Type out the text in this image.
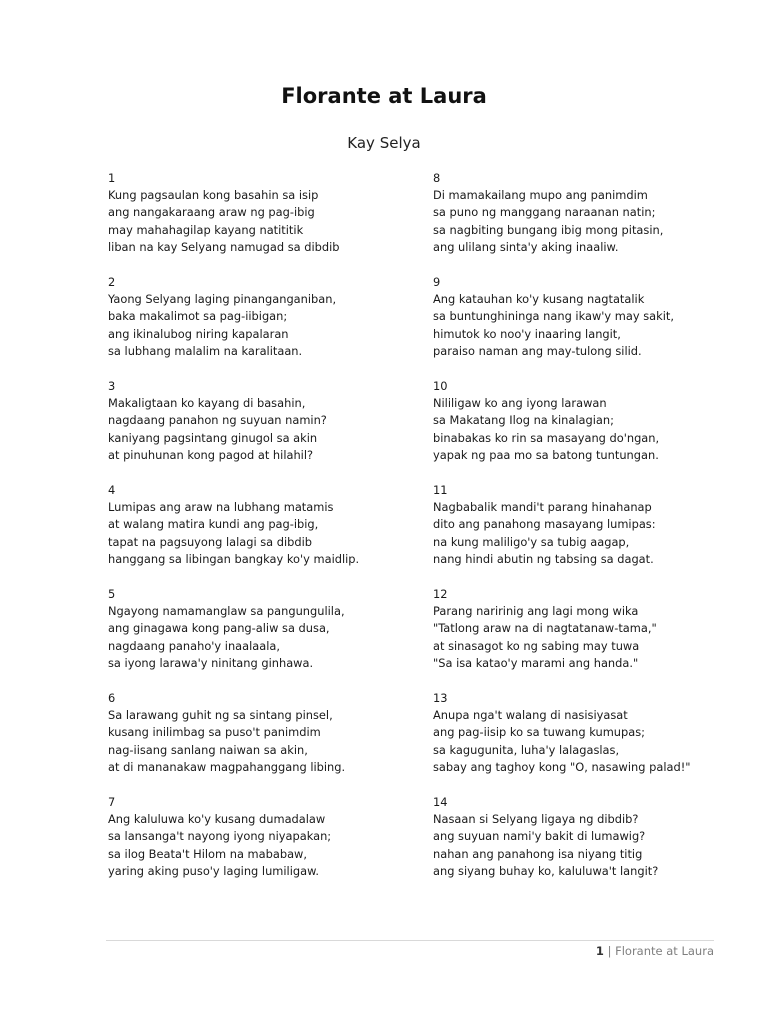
Florante at Laura
Kay Selya
1
Kung pagsaulan kong basahin sa isip
ang nangakaraang araw ng pag-ibig
may mahahagilap kayang natititik
liban na kay Selyang namugad sa dibdib
2
Yaong Selyang laging pinanganganiban,
baka makalimot sa pag-iibigan;
ang ikinalubog niring kapalaran
sa lubhang malalim na karalitaan.
3
Makaligtaan ko kayang di basahin,
nagdaang panahon ng suyuan namin?
kaniyang pagsintang ginugol sa akin
at pinuhunan kong pagod at hilahil?
4
Lumipas ang araw na lubhang matamis
at walang matira kundi ang pag-ibig,
tapat na pagsuyong lalagi sa dibdib
hanggang sa libingan bangkay ko'y maidlip.
5
Ngayong namamanglaw sa pangungulila,
ang ginagawa kong pang-aliw sa dusa,
nagdaang panaho'y inaalaala,
sa iyong larawa'y ninitang ginhawa.
6
Sa larawang guhit ng sa sintang pinsel,
kusang inilimbag sa puso't panimdim
nag-iisang sanlang naiwan sa akin,
at di mananakaw magpahanggang libing.
7
Ang kaluluwa ko'y kusang dumadalaw
sa lansanga't nayong iyong niyapakan;
sa ilog Beata't Hilom na mababaw,
yaring aking puso'y laging lumiligaw.
8
Di mamakailang mupo ang panimdim
sa puno ng manggang naraanan natin;
sa nagbiting bungang ibig mong pitasin,
ang ulilang sinta'y aking inaaliw.
9
Ang katauhan ko'y kusang nagtatalik
sa buntunghininga nang ikaw'y may sakit,
himutok ko noo'y inaaring langit,
paraiso naman ang may-tulong silid.
10
Nililigaw ko ang iyong larawan
sa Makatang Ilog na kinalagian;
binabakas ko rin sa masayang do'ngan,
yapak ng paa mo sa batong tuntungan.
11
Nagbabalik mandi't parang hinahanap
dito ang panahong masayang lumipas:
na kung maliligo'y sa tubig aagap,
nang hindi abutin ng tabsing sa dagat.
12
Parang naririnig ang lagi mong wika
"Tatlong araw na di nagtatanaw-tama,"
at sinasagot ko ng sabing may tuwa
"Sa isa katao'y marami ang handa."
13
Anupa nga't walang di nasisiyasat
ang pag-iisip ko sa tuwang kumupas;
sa kagugunita, luha'y lalagaslas,
sabay ang taghoy kong "O, nasawing palad!"
14
Nasaan si Selyang ligaya ng dibdib?
ang suyuan nami'y bakit di lumawig?
nahan ang panahong isa niyang titig
ang siyang buhay ko, kaluluwa't langit?
1 | Florante at Laura
